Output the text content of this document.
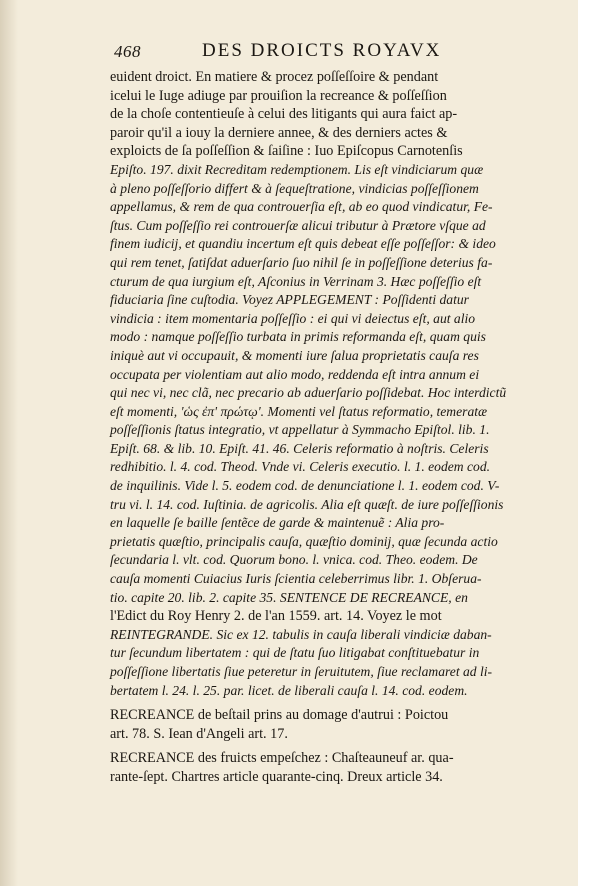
468	DES DROICTS ROYAVX
euident droict. En matiere & procez poſſeſſoire & pendant
icelui le Iuge adiuge par prouiſion la recreance & poſſeſſion
de la choſe contentieuſe à celui des litigants qui aura faict ap-
paroir qu'il a iouy la derniere annee, & des derniers actes &
exploicts de ſa poſſeſſion & ſaiſine : Iuo Epiſcopus Carnotenſis
Epiſto. 197. dixit Recreditam redemptionem. Lis eſt vindiciarum quæ
à pleno poſſeſſorio differt & à ſequeſtratione, vindicias poſſeſſionem
appellamus, & rem de qua controuerſia eſt, ab eo quod vindicatur, Fe-
ſtus. Cum poſſeſſio rei controuerſæ alicui tributur à Prætore vſque ad
finem iudicij, et quandiu incertum eſt quis debeat eſſe poſſeſſor: & ideo
qui rem tenet, ſatiſdat aduerſario ſuo nihil ſe in poſſeſſione deterius fa-
cturum de qua iurgium eſt, Aſconius in Verrinam 3. Hæc poſſeſſio eſt
fiduciaria ſine cuſtodia. Voyez APPLEGEMENT : Poſſidenti datur
vindicia : item momentaria poſſeſſio : ei qui vi deiectus eſt, aut alio
modo : namque poſſeſſio turbata in primis reformanda eſt, quam quis
iniquè aut vi occupauit, & momenti iure ſalua proprietatis cauſa res
occupata per violentiam aut alio modo, reddenda eſt intra annum ei
qui nec vi, nec clã, nec precario ab aduerſario poſſidebat. Hoc interdictũ
eſt momenti, 'ὡς ἐπ' πρώτῳ'. Momenti vel ſtatus reformatio, temeratæ
poſſeſſionis ſtatus integratio, vt appellatur à Symmacho Epiſtol. lib. 1.
Epiſt. 68. & lib. 10. Epiſt. 41. 46. Celeris reformatio à noſtris. Celeris
redhibitio. l. 4. cod. Theod. Vnde vi. Celeris executio. l. 1. eodem cod.
de inquilinis. Vide l. 5. eodem cod. de denunciatione l. 1. eodem cod. V-
tru vi. l. 14. cod. Iuſtinia. de agricolis. Alia eſt quæſt. de iure poſſeſſionis
en laquelle ſe baille ſentẽce de garde & maintenuẽ : Alia pro-
prietatis quæſtio, principalis cauſa, quæſtio dominij, quæ ſecunda actio
ſecundaria l. vlt. cod. Quorum bono. l. vnica. cod. Theo. eodem. De
cauſa momenti Cuiacius Iuris ſcientia celeberrimus libr. 1. Obſerua-
tio. capite 20. lib. 2. capite 35. SENTENCE DE RECREANCE, en
l'Edict du Roy Henry 2. de l'an 1559. art. 14. Voyez le mot
REINTEGRANDE. Sic ex 12. tabulis in cauſa liberali vindiciæ daban-
tur ſecundum libertatem : qui de ſtatu ſuo litigabat conſtituebatur in
poſſeſſione libertatis ſiue peteretur in ſeruitutem, ſiue reclamaret ad li-
bertatem l. 24. l. 25. par. licet. de liberali cauſa l. 14. cod. eodem.
RECREANCE de beſtail prins au domage d'autrui : Poictou
art. 78. S. Iean d'Angeli art. 17.
RECREANCE des fruicts empeſchez : Chaſteauneuf ar. qua-
rante-ſept. Chartres article quarante-cinq. Dreux article 34.
